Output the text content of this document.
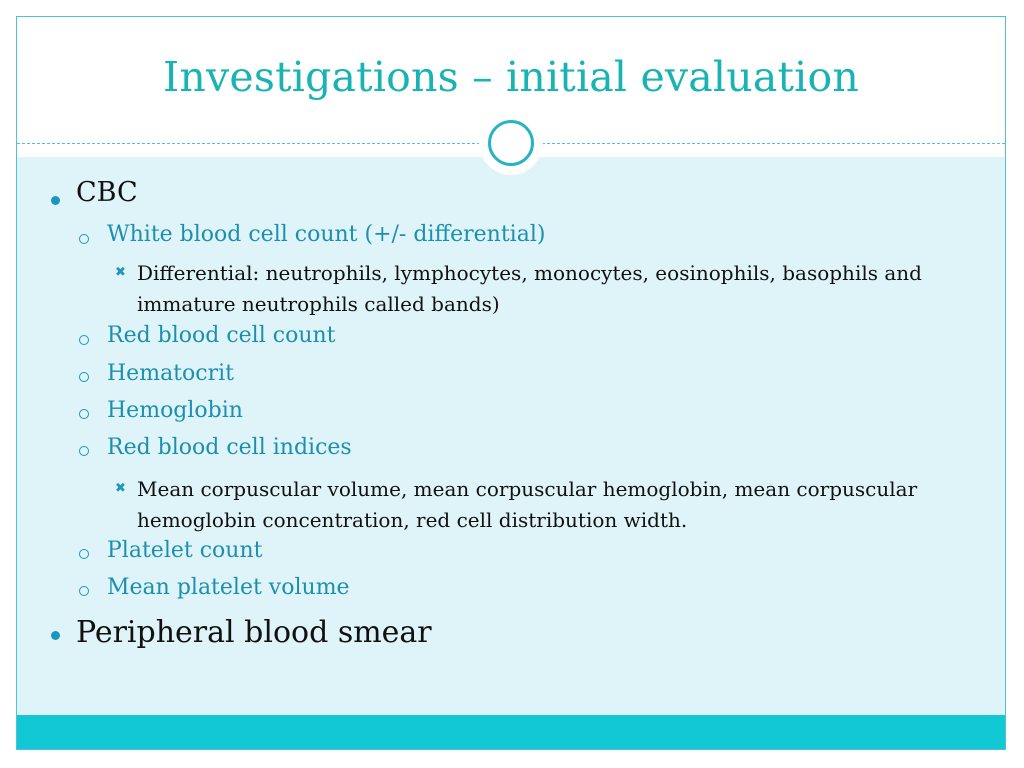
Investigations – initial evaluation
CBC
White blood cell count (+/- differential)
✖ Differential: neutrophils, lymphocytes, monocytes, eosinophils, basophils and immature neutrophils called bands)
Red blood cell count
Hematocrit
Hemoglobin
Red blood cell indices
✖ Mean corpuscular volume, mean corpuscular hemoglobin, mean corpuscular hemoglobin concentration, red cell distribution width.
Platelet count
Mean platelet volume
Peripheral blood smear
